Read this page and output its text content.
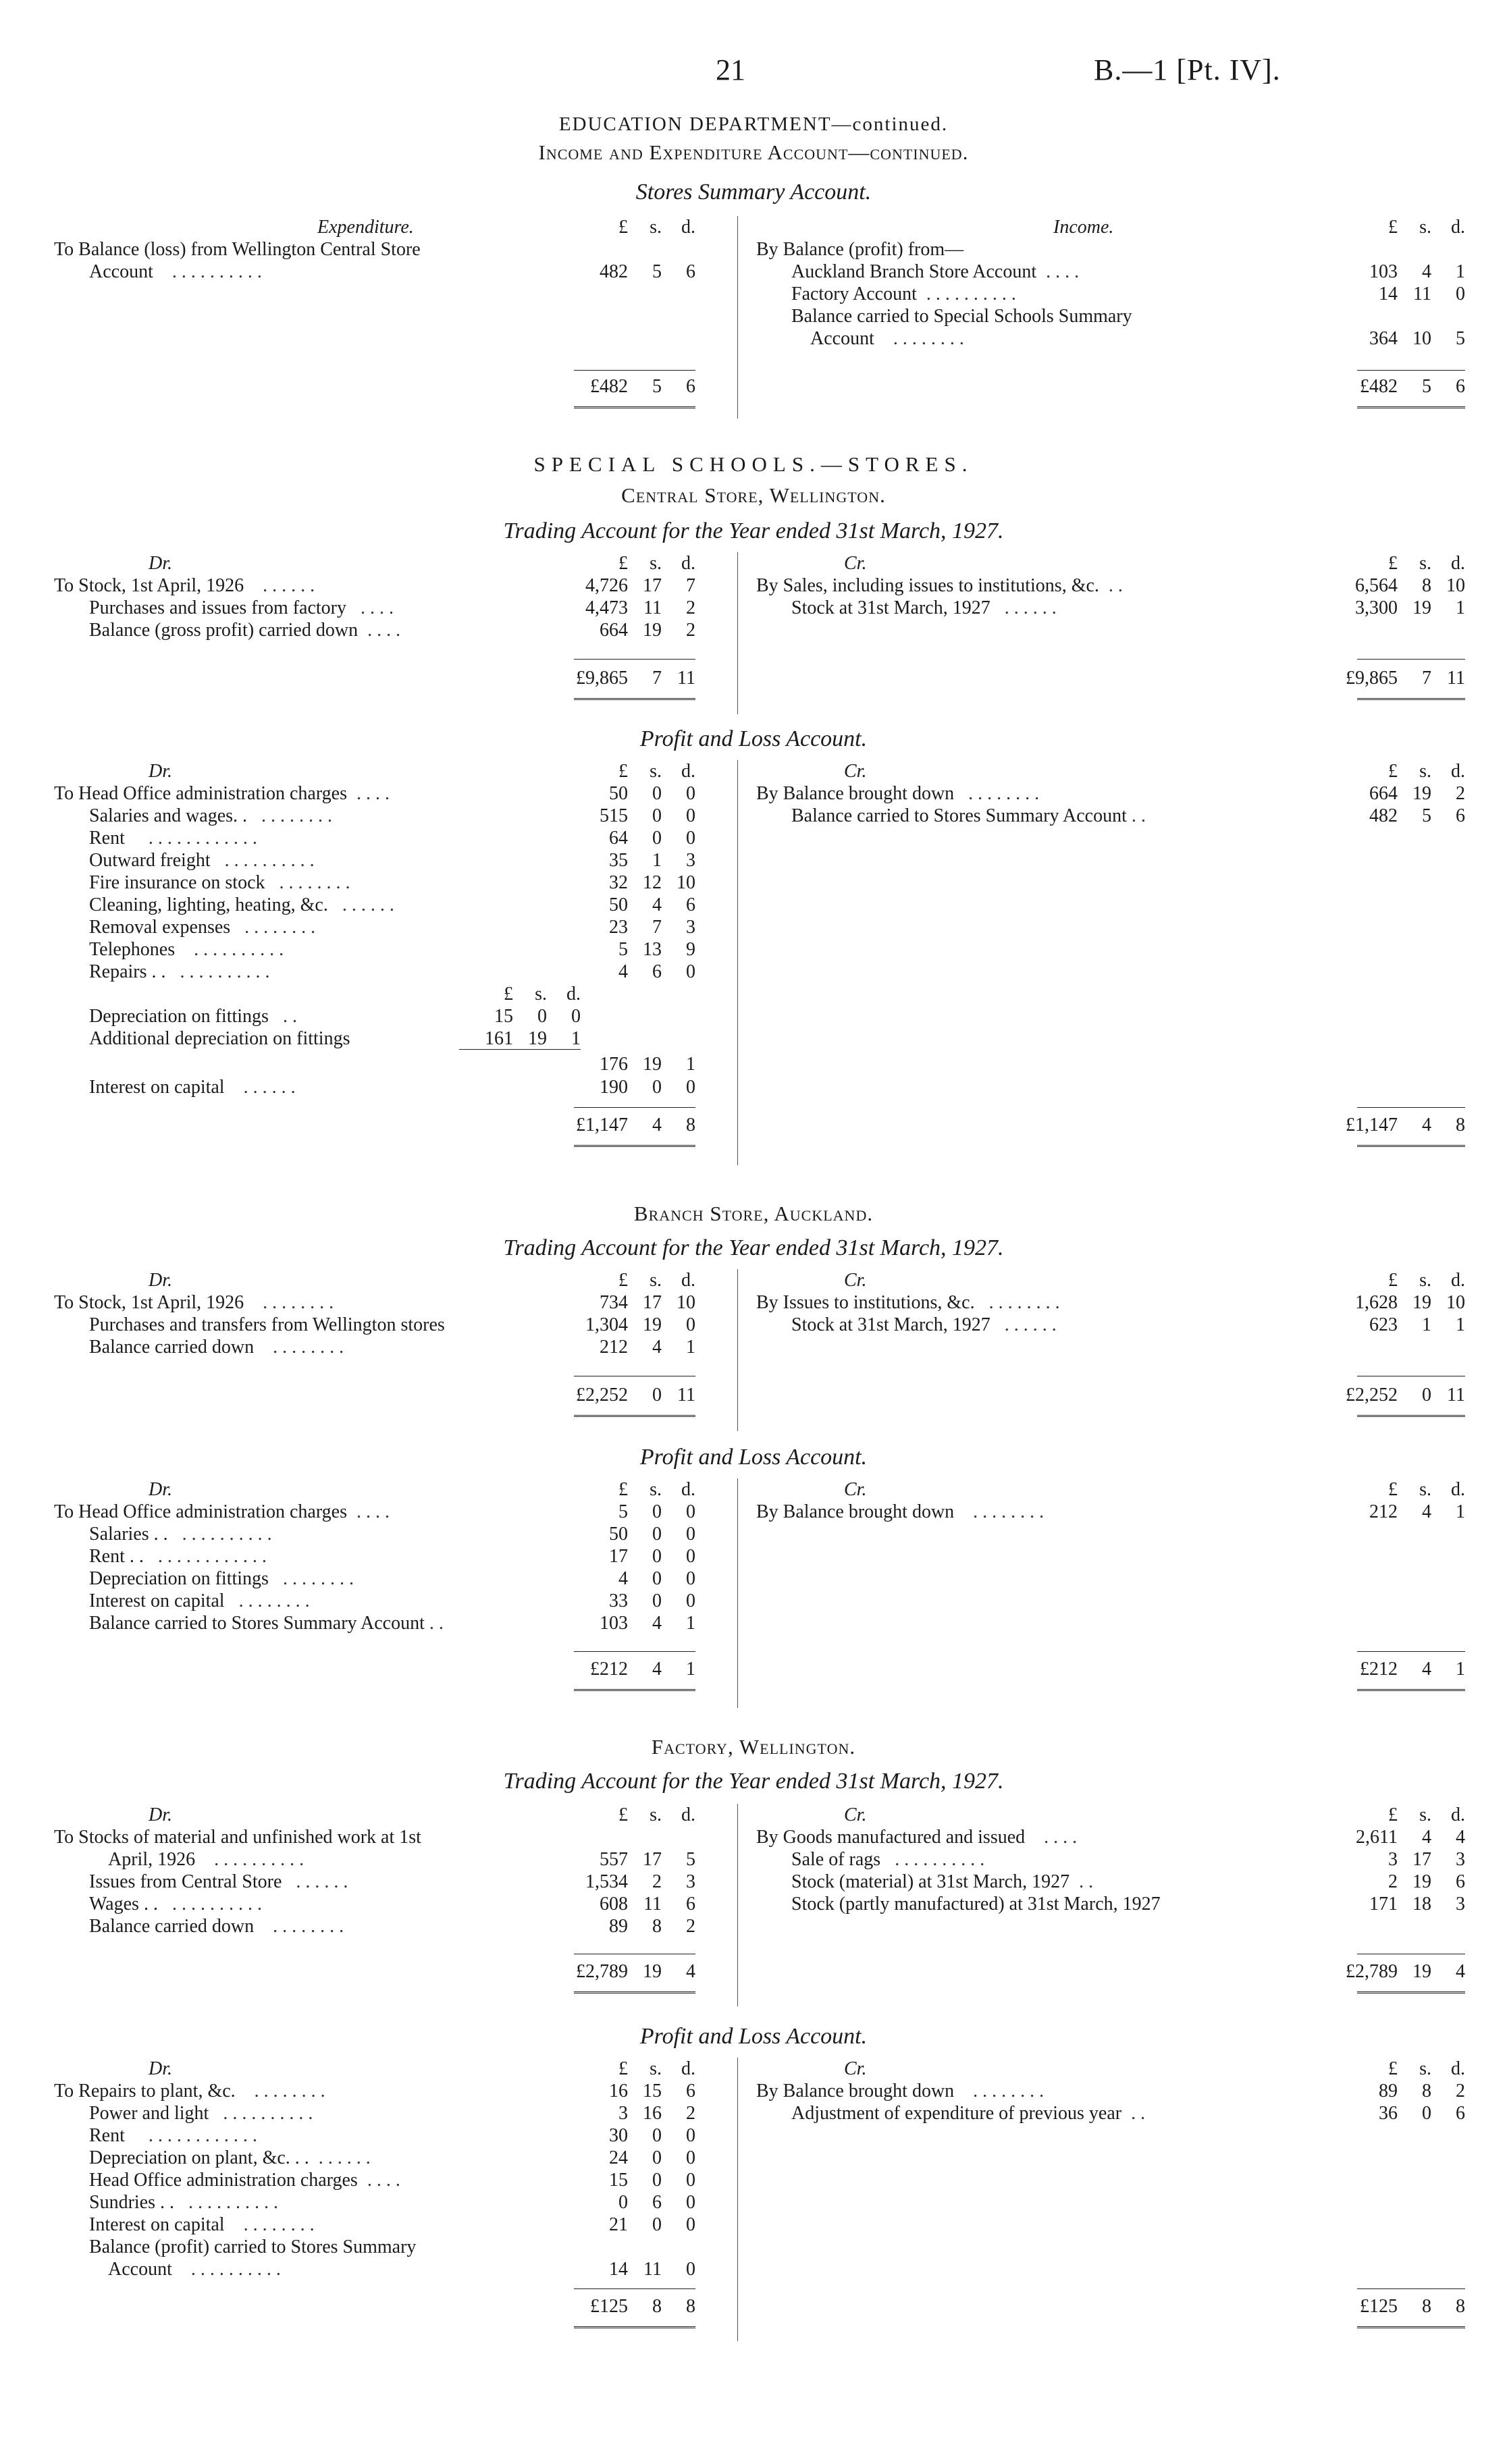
21	B.—1 [Pt. IV].
EDUCATION DEPARTMENT—continued.
Income and Expenditure Account—continued.
Stores Summary Account.
Expenditure.	£	s.	d.
To Balance (loss) from Wellington Central Store
Account . . . . . . . . . .	482	5	6
£482	5	6
Income.	£	s.	d.
By Balance (profit) from—
Auckland Branch Store Account . . . .	103	4	1
Factory Account . . . . . . . . . .	14 11	0
Balance carried to Special Schools Summary
Account . . . . . . . .	364 10	5
£482	5	6
SPECIAL SCHOOLS.—STORES.
Central Store, Wellington.
Trading Account for the Year ended 31st March, 1927.
Dr.	£	s.	d.
To Stock, 1st April, 1926 . . . . . .	4,726 17	7
Purchases and issues from factory . . . .	4,473 11	2
Balance (gross profit) carried down . . . .	664 19	2
£9,865	7 11
Cr.	£	s.	d.
By Sales, including issues to institutions, &c. . .	6,564	8 10
Stock at 31st March, 1927 . . . . . .	3,300 19	1
£9,865	7 11
Profit and Loss Account.
Dr.	£	s.	d.
To Head Office administration charges . . . .	50	0	0
Salaries and wages. . . . . . . . . .	515	0	0
Rent . . . . . . . . . . . .	64	0	0
Outward freight . . . . . . . . . .	35	1	3
Fire insurance on stock . . . . . . . .	32 12 10
Cleaning, lighting, heating, &c. . . . . . .	50	4	6
Removal expenses . . . . . . . .	23	7	3
Telephones . . . . . . . . . .	5 13	9
Repairs . . . . . . . . . . . .	4	6	0
£	s.	d.
Depreciation on fittings . .	15	0	0
Additional depreciation on fittings	161 19	1
176 19	1
Interest on capital . . . . . .	190	0	0
£1,147	4	8
Cr.	£	s.	d.
By Balance brought down . . . . . . . .	664 19	2
Balance carried to Stores Summary Account . .	482	5	6
£1,147	4	8
Branch Store, Auckland.
Trading Account for the Year ended 31st March, 1927.
Dr.	£	s.	d.
To Stock, 1st April, 1926 . . . . . . . .	734 17 10
Purchases and transfers from Wellington stores	1,304 19	0
Balance carried down . . . . . . . .	212	4	1
£2,252	0 11
Cr.	£	s.	d.
By Issues to institutions, &c. . . . . . . . .	1,628 19 10
Stock at 31st March, 1927 . . . . . .	623	1	1
£2,252	0 11
Profit and Loss Account.
Dr.	£	s.	d.
To Head Office administration charges . . . .	5	0	0
Salaries . . . . . . . . . . . .	50	0	0
Rent . . . . . . . . . . . . . .	17	0	0
Depreciation on fittings . . . . . . . .	4	0	0
Interest on capital . . . . . . . .	33	0	0
Balance carried to Stores Summary Account . .	103	4	1
£212	4	1
Cr.	£	s.	d.
By Balance brought down . . . . . . . .	212	4	1
£212	4	1
Factory, Wellington.
Trading Account for the Year ended 31st March, 1927.
Dr.	£	s.	d.
To Stocks of material and unfinished work at 1st
April, 1926 . . . . . . . . . .	557 17	5
Issues from Central Store . . . . . .	1,534	2	3
Wages . . . . . . . . . . . .	608 11	6
Balance carried down . . . . . . . .	89	8	2
£2,789 19	4
Cr.	£	s.	d.
By Goods manufactured and issued . . . .	2,611	4	4
Sale of rags . . . . . . . . . .	3 17	3
Stock (material) at 31st March, 1927 . .	2 19	6
Stock (partly manufactured) at 31st March, 1927	171 18	3
£2,789 19	4
Profit and Loss Account.
Dr.	£	s.	d.
To Repairs to plant, &c. . . . . . . . .	16 15	6
Power and light . . . . . . . . . .	3 16	2
Rent . . . . . . . . . . . .	30	0	0
Depreciation on plant, &c. . . . . . . . .	24	0	0
Head Office administration charges . . . .	15	0	0
Sundries . . . . . . . . . . . .	0	6	0
Interest on capital . . . . . . . .	21	0	0
Balance (profit) carried to Stores Summary
Account . . . . . . . . . .	14 11	0
£125	8	8
Cr.	£	s.	d.
By Balance brought down . . . . . . . .	89	8	2
Adjustment of expenditure of previous year . .	36	0	6
£125	8	8
